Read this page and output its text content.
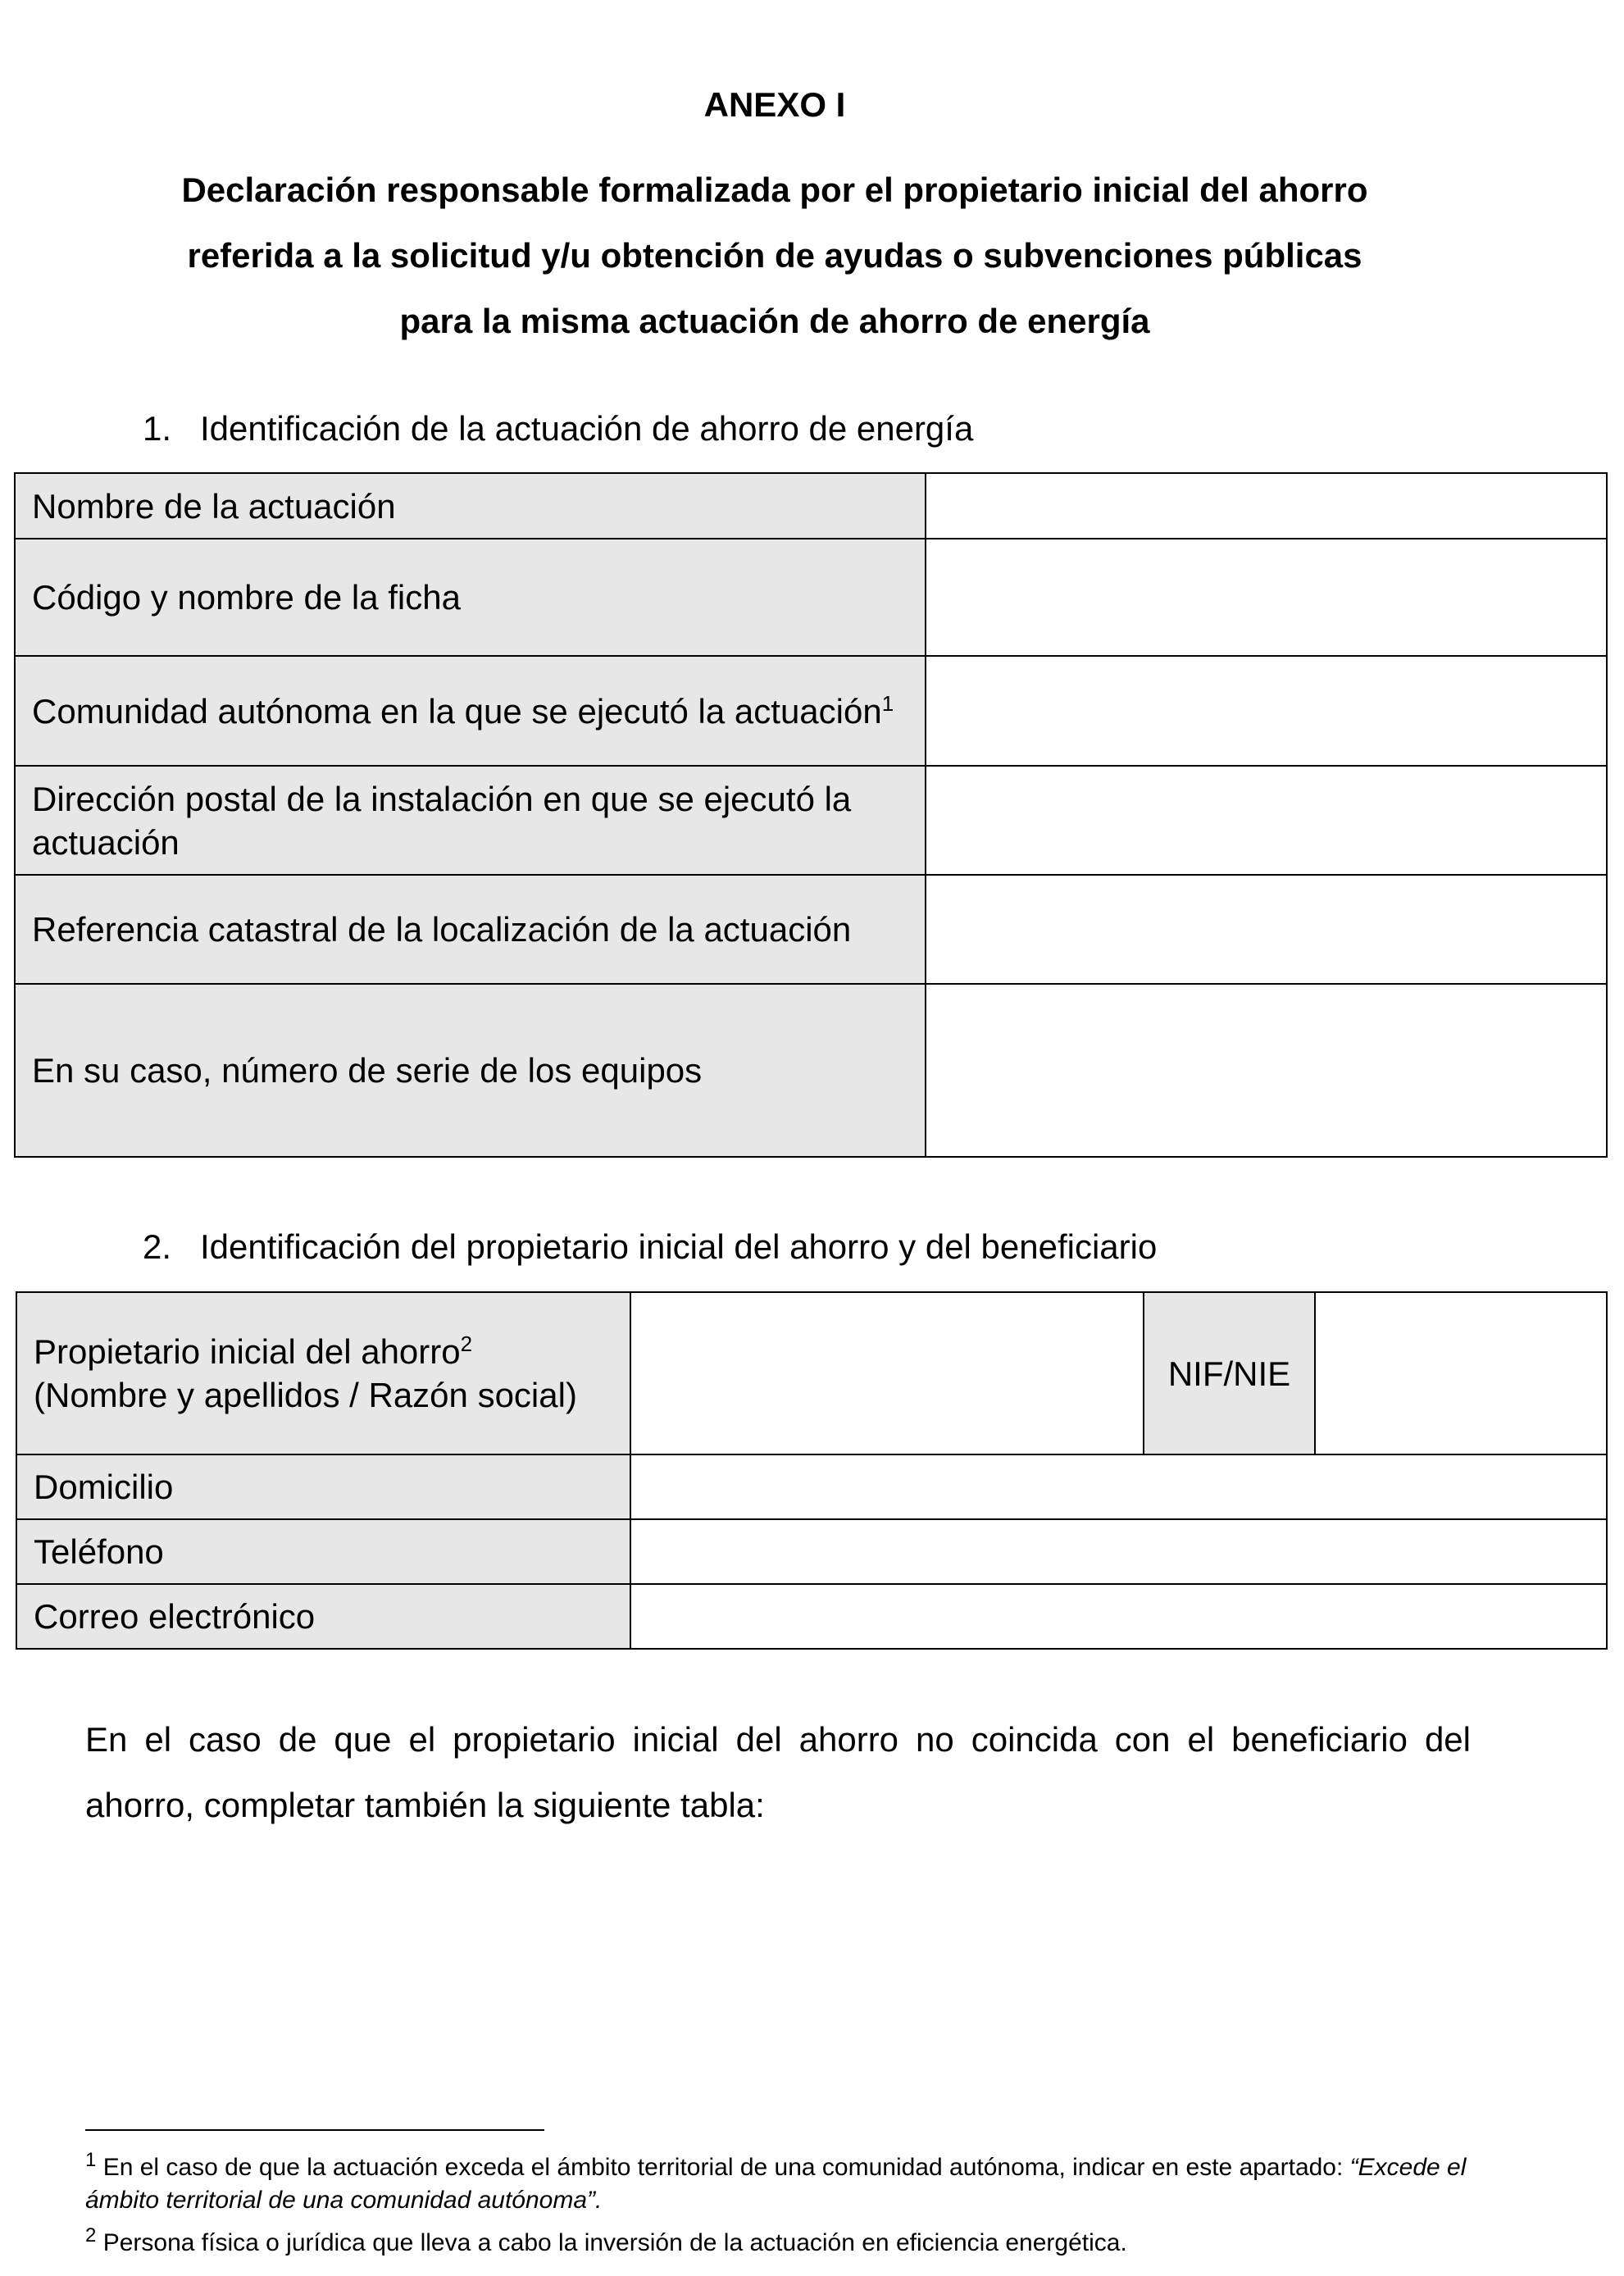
ANEXO I
Declaración responsable formalizada por el propietario inicial del ahorro
referida a la solicitud y/u obtención de ayudas o subvenciones públicas
para la misma actuación de ahorro de energía
1. Identificación de la actuación de ahorro de energía
Nombre de la actuación	
Código y nombre de la ficha	
Comunidad autónoma en la que se ejecutó la actuación$^1$	
Dirección postal de la instalación en que se ejecutó la actuación	
Referencia catastral de la localización de la actuación	
En su caso, número de serie de los equipos	
2. Identificación del propietario inicial del ahorro y del beneficiario
Propietario inicial del ahorro$^2$
(Nombre y apellidos / Razón social)		NIF/NIE	
Domicilio			
Teléfono			
Correo electrónico			
En el caso de que el propietario inicial del ahorro no coincida con el beneficiario del ahorro, completar también la siguiente tabla:
$^1$ En el caso de que la actuación exceda el ámbito territorial de una comunidad autónoma, indicar en este apartado: “Excede el ámbito territorial de una comunidad autónoma”.
$^2$ Persona física o jurídica que lleva a cabo la inversión de la actuación en eficiencia energética.
